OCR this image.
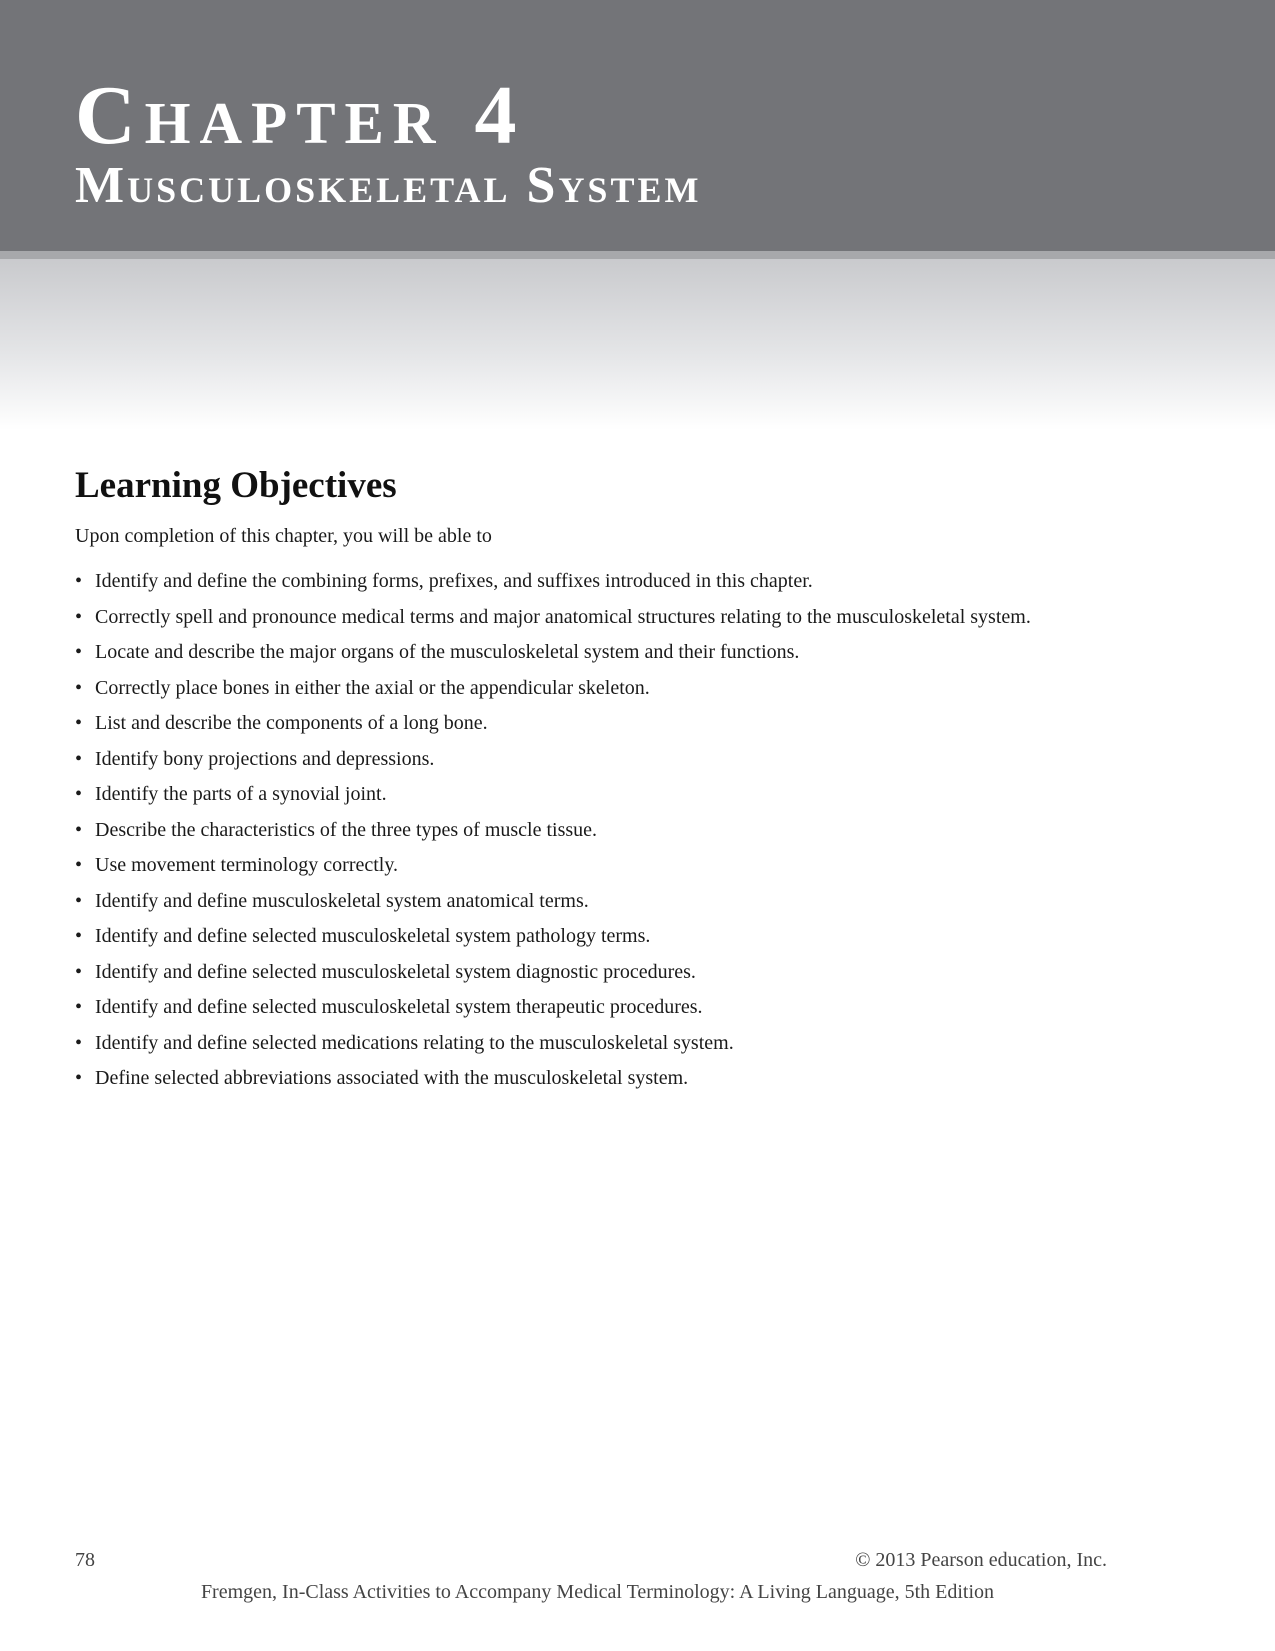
Chapter 4
Musculoskeletal System
Learning Objectives

Upon completion of this chapter, you will be able to

• Identify and define the combining forms, prefixes, and suffixes introduced in this chapter.
• Correctly spell and pronounce medical terms and major anatomical structures relating to the musculoskeletal system.
• Locate and describe the major organs of the musculoskeletal system and their functions.
• Correctly place bones in either the axial or the appendicular skeleton.
• List and describe the components of a long bone.
• Identify bony projections and depressions.
• Identify the parts of a synovial joint.
• Describe the characteristics of the three types of muscle tissue.
• Use movement terminology correctly.
• Identify and define musculoskeletal system anatomical terms.
• Identify and define selected musculoskeletal system pathology terms.
• Identify and define selected musculoskeletal system diagnostic procedures.
• Identify and define selected musculoskeletal system therapeutic procedures.
• Identify and define selected medications relating to the musculoskeletal system.
• Define selected abbreviations associated with the musculoskeletal system.
78	© 2013 Pearson education, Inc.
Fremgen, In-Class Activities to Accompany Medical Terminology: A Living Language, 5th Edition
